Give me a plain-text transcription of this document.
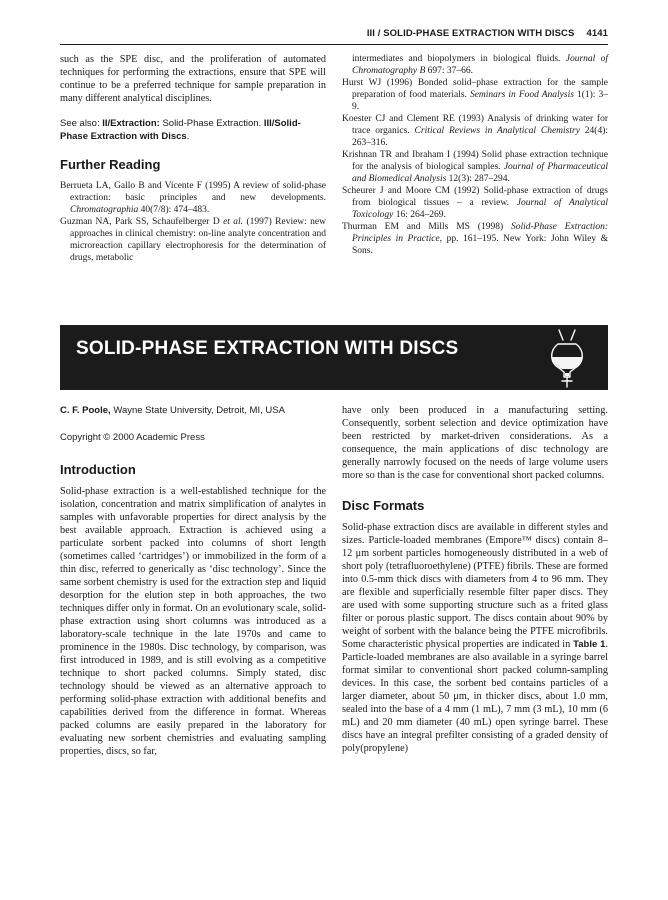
III / SOLID-PHASE EXTRACTION WITH DISCS 4141

such as the SPE disc, and the proliferation of automated techniques for performing the extractions, ensure that SPE will continue to be a preferred technique for sample preparation in many different analytical disciplines.

See also: II/Extraction: Solid-Phase Extraction. III/Solid-Phase Extraction with Discs.

Further Reading

Berrueta LA, Gallo B and Vicente F (1995) A review of solid-phase extraction: basic principles and new developments. Chromatographia 40(7/8): 474–483.

Guzman NA, Park SS, Schaufelberger D et al. (1997) Review: new approaches in clinical chemistry: on-line analyte concentration and microreaction capillary electrophoresis for the determination of drugs, metabolic

intermediates and biopolymers in biological fluids. Journal of Chromatography B 697: 37–66.

Hurst WJ (1996) Bonded solid–phase extraction for the sample preparation of food materials. Seminars in Food Analysis 1(1): 3–9.

Koester CJ and Clement RE (1993) Analysis of drinking water for trace organics. Critical Reviews in Analytical Chemistry 24(4): 263–316.

Krishnan TR and Ibraham I (1994) Solid phase extraction technique for the analysis of biological samples. Journal of Pharmaceutical and Biomedical Analysis 12(3): 287–294.

Scheurer J and Moore CM (1992) Solid-phase extraction of drugs from biological tissues – a review. Journal of Analytical Toxicology 16: 264–269.

Thurman EM and Mills MS (1998) Solid-Phase Extraction: Principles in Practice, pp. 161–195. New York: John Wiley & Sons.

SOLID-PHASE EXTRACTION WITH DISCS

C. F. Poole, Wayne State University, Detroit, MI, USA

Copyright © 2000 Academic Press

Introduction

Solid-phase extraction is a well-established technique for the isolation, concentration and matrix simplification of analytes in samples with unfavorable properties for direct analysis by the best available approach. Extraction is achieved using a particulate sorbent packed into columns of short length (sometimes called ‘cartridges’) or immobilized in the form of a thin disc, referred to generically as ‘disc technology’. Since the same sorbent chemistry is used for the extraction step and liquid desorption for the elution step in both approaches, the two techniques differ only in format. On an evolutionary scale, solid-phase extraction using short columns was introduced as a laboratory-scale technique in the late 1970s and came to prominence in the 1980s. Disc technology, by comparison, was first introduced in 1989, and is still evolving as a competitive technique to short packed columns. Simply stated, disc technology should be viewed as an alternative approach to performing solid-phase extraction with additional benefits and capabilities derived from the difference in format. Whereas packed columns are easily prepared in the laboratory for evaluating new sorbent chemistries and evaluating sampling properties, discs, so far,

have only been produced in a manufacturing setting. Consequently, sorbent selection and device optimization have been restricted by market-driven considerations. As a consequence, the main applications of disc technology are generally narrowly focused on the needs of large volume users more so than is the case for conventional short packed columns.

Disc Formats

Solid-phase extraction discs are available in different styles and sizes. Particle-loaded membranes (Empore™ discs) contain 8–12 μm sorbent particles homogeneously distributed in a web of short poly (tetrafluoroethylene) (PTFE) fibrils. These are formed into 0.5-mm thick discs with diameters from 4 to 96 mm. They are flexible and superficially resemble filter paper discs. They are used with some supporting structure such as a frited glass filter or porous plastic support. The discs contain about 90% by weight of sorbent with the balance being the PTFE microfibrils. Some characteristic physical properties are indicated in Table 1. Particle-loaded membranes are also available in a syringe barrel format similar to conventional short packed column-sampling devices. In this case, the sorbent bed contains particles of a larger diameter, about 50 μm, in thicker discs, about 1.0 mm, sealed into the base of a 4 mm (1 mL), 7 mm (3 mL), 10 mm (6 mL) and 20 mm diameter (40 mL) open syringe barrel. These discs have an integral prefilter consisting of a graded density of poly(propylene)
